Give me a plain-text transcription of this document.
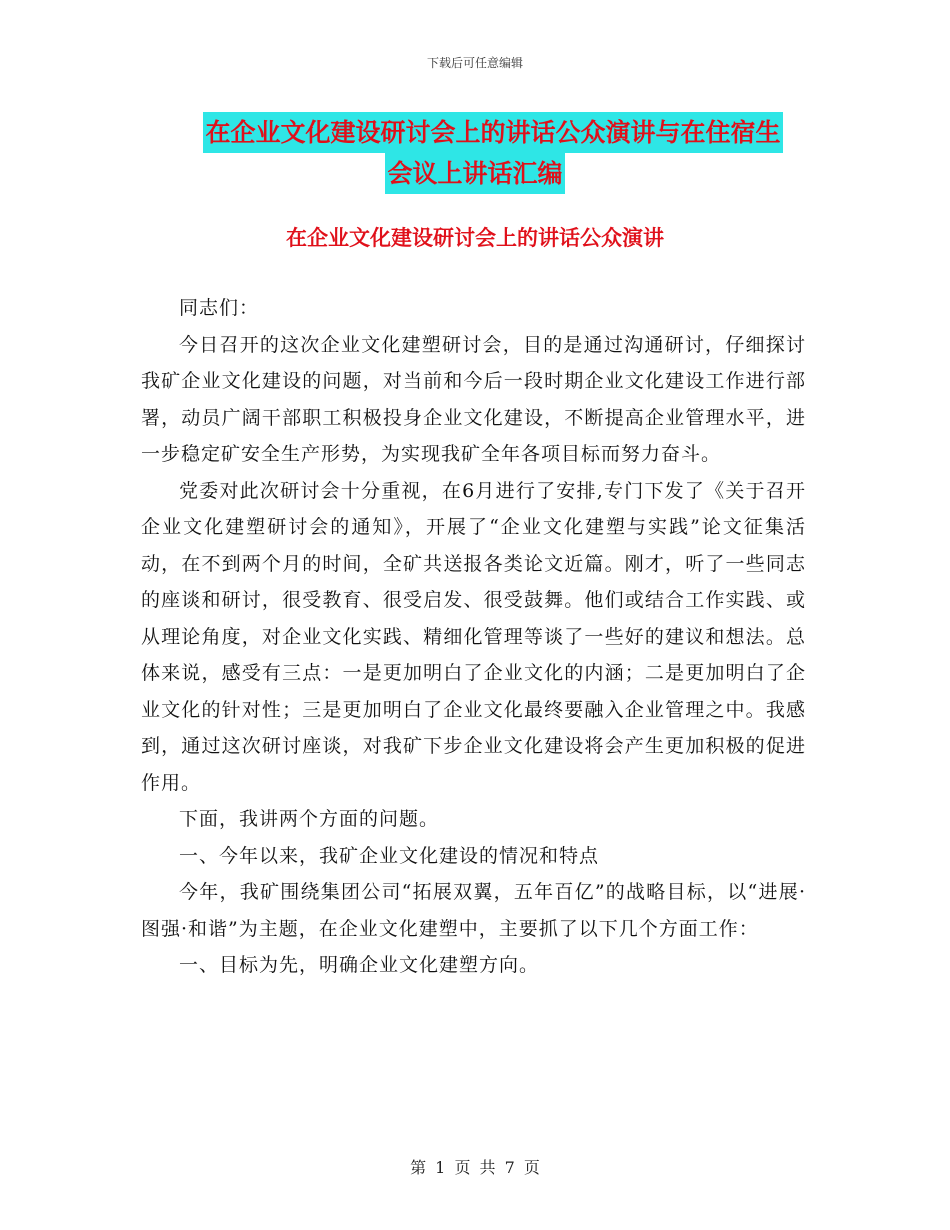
下载后可任意编辑
在企业文化建设研讨会上的讲话公众演讲与在住宿生
会议上讲话汇编
在企业文化建设研讨会上的讲话公众演讲

同志们：

今日召开的这次企业文化建塑研讨会，目的是通过沟通研讨，仔细探讨我矿企业文化建设的问题，对当前和今后一段时期企业文化建设工作进行部署，动员广阔干部职工积极投身企业文化建设，不断提高企业管理水平，进一步稳定矿安全生产形势，为实现我矿全年各项目标而努力奋斗。

党委对此次研讨会十分重视，在6月进行了安排,专门下发了《关于召开企业文化建塑研讨会的通知》，开展了“企业文化建塑与实践”论文征集活动，在不到两个月的时间，全矿共送报各类论文近篇。刚才，听了一些同志的座谈和研讨，很受教育、很受启发、很受鼓舞。他们或结合工作实践、或从理论角度，对企业文化实践、精细化管理等谈了一些好的建议和想法。总体来说，感受有三点：一是更加明白了企业文化的内涵；二是更加明白了企业文化的针对性；三是更加明白了企业文化最终要融入企业管理之中。我感到，通过这次研讨座谈，对我矿下步企业文化建设将会产生更加积极的促进作用。

下面，我讲两个方面的问题。

一、今年以来，我矿企业文化建设的情况和特点

今年，我矿围绕集团公司“拓展双翼，五年百亿”的战略目标，以“进展·图强·和谐”为主题，在企业文化建塑中，主要抓了以下几个方面工作：

一、目标为先，明确企业文化建塑方向。

第 1 页 共 7 页
